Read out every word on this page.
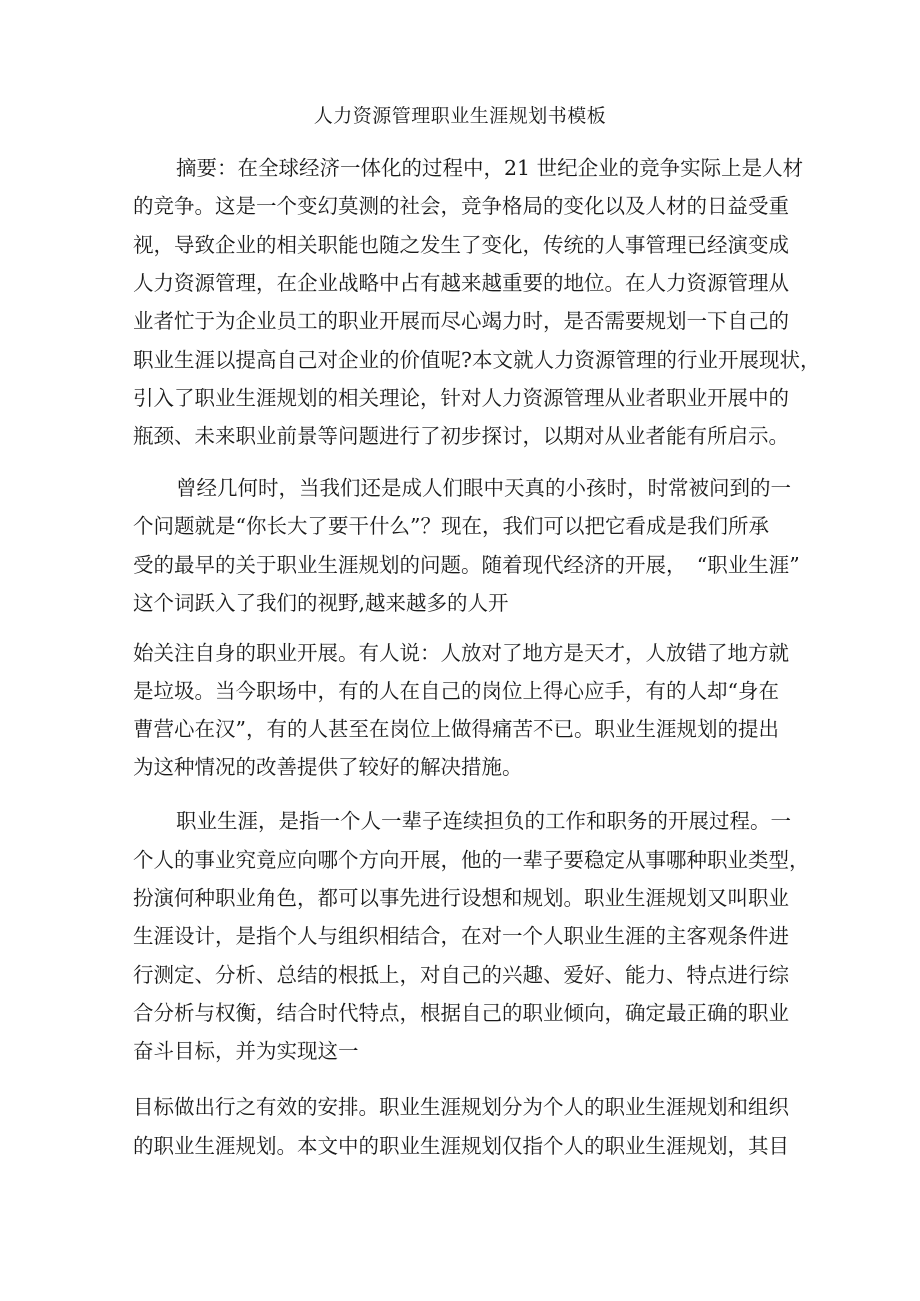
人力资源管理职业生涯规划书模板
摘要：在全球经济一体化的过程中，21 世纪企业的竞争实际上是人材
的竞争。这是一个变幻莫测的社会，竞争格局的变化以及人材的日益受重
视，导致企业的相关职能也随之发生了变化，传统的人事管理已经演变成
人力资源管理，在企业战略中占有越来越重要的地位。在人力资源管理从
业者忙于为企业员工的职业开展而尽心竭力时，是否需要规划一下自己的
职业生涯以提高自己对企业的价值呢?本文就人力资源管理的行业开展现状，
引入了职业生涯规划的相关理论，针对人力资源管理从业者职业开展中的
瓶颈、未来职业前景等问题进行了初步探讨，以期对从业者能有所启示。
曾经几何时，当我们还是成人们眼中天真的小孩时，时常被问到的一
个问题就是“你长大了要干什么”？现在，我们可以把它看成是我们所承
受的最早的关于职业生涯规划的问题。随着现代经济的开展，　“职业生涯”
这个词跃入了我们的视野,越来越多的人开
始关注自身的职业开展。有人说：人放对了地方是天才，人放错了地方就
是垃圾。当今职场中，有的人在自己的岗位上得心应手，有的人却“身在
曹营心在汉”，有的人甚至在岗位上做得痛苦不已。职业生涯规划的提出
为这种情况的改善提供了较好的解决措施。
职业生涯，是指一个人一辈子连续担负的工作和职务的开展过程。一
个人的事业究竟应向哪个方向开展，他的一辈子要稳定从事哪种职业类型，
扮演何种职业角色，都可以事先进行设想和规划。职业生涯规划又叫职业
生涯设计，是指个人与组织相结合，在对一个人职业生涯的主客观条件进
行测定、分析、总结的根抵上，对自己的兴趣、爱好、能力、特点进行综
合分析与权衡，结合时代特点，根据自己的职业倾向，确定最正确的职业
奋斗目标，并为实现这一
目标做出行之有效的安排。职业生涯规划分为个人的职业生涯规划和组织
的职业生涯规划。本文中的职业生涯规划仅指个人的职业生涯规划，其目
